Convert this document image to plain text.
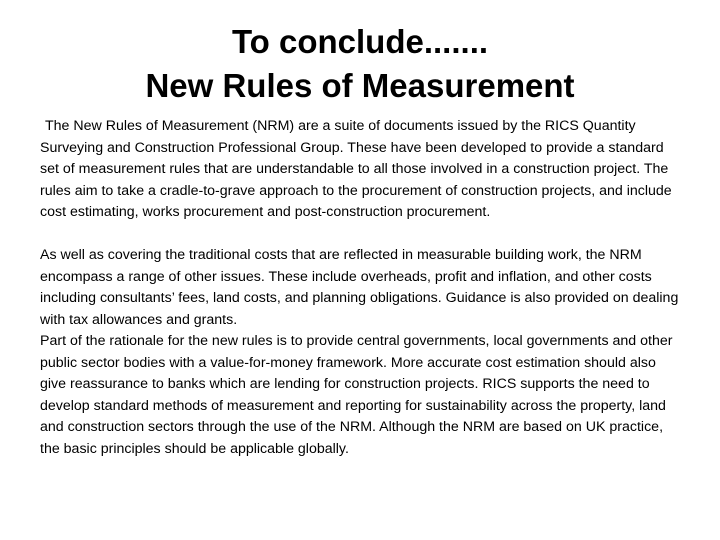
To conclude.......
New Rules of Measurement

The New Rules of Measurement (NRM) are a suite of documents issued by the RICS Quantity Surveying and Construction Professional Group. These have been developed to provide a standard set of measurement rules that are understandable to all those involved in a construction project. The rules aim to take a cradle-to-grave approach to the procurement of construction projects, and include cost estimating, works procurement and post-construction procurement.

As well as covering the traditional costs that are reflected in measurable building work, the NRM encompass a range of other issues. These include overheads, profit and inflation, and other costs including consultants’ fees, land costs, and planning obligations. Guidance is also provided on dealing with tax allowances and grants.

Part of the rationale for the new rules is to provide central governments, local governments and other public sector bodies with a value-for-money framework. More accurate cost estimation should also give reassurance to banks which are lending for construction projects. RICS supports the need to develop standard methods of measurement and reporting for sustainability across the property, land and construction sectors through the use of the NRM. Although the NRM are based on UK practice, the basic principles should be applicable globally.
